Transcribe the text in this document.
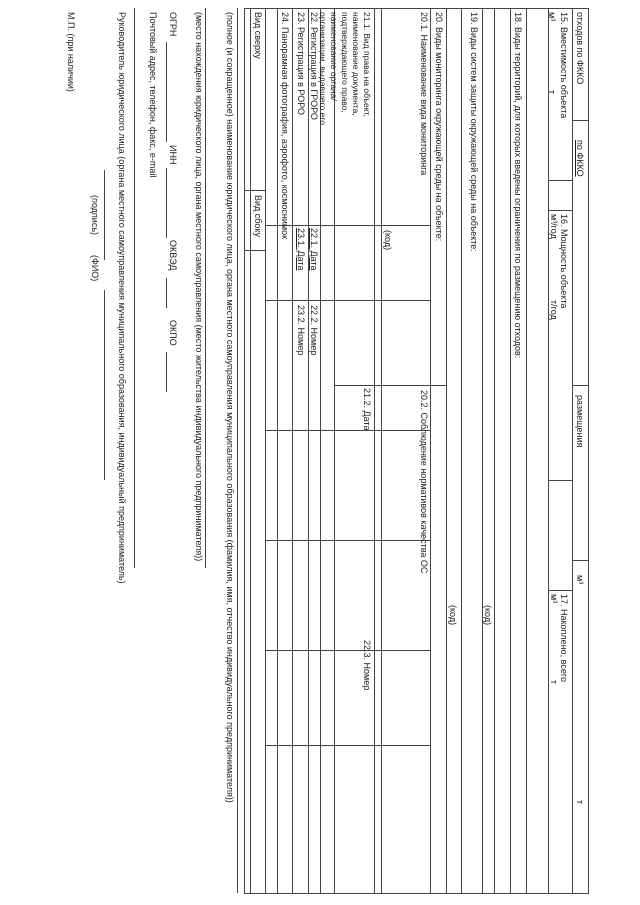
отходов по ФККО
по ФККО
размещения
м³
т
15. Вместимость объекта
16. Мощность объекта
17. Накоплено, всего
м³
т
м³/год
т/год
м³
т
18. Виды территорий, для которых введены ограничения по размещению отходов:
(код)
19. Виды систем защиты окружающей среды на объекте:
(код)
20. Виды мониторинга окружающей среды на объекте:
20.1. Наименование вида мониторинга
20.2. Соблюдение нормативов качества ОС
(код)
21.1. Вид права на объект, наименование документа, подтверждающего право, наименование органа/организации, выдавшего его
21.2. Дата
22.3. Номер
22. Регистрация в ГРОРО
22.1. Дата
22.2. Номер
23. Регистрация в РОРО
23.1. Дата
23.2. Номер
24. Панорамная фотография, аэрофото, космоснимок
Вид сверху
Вид сбоку
(полное (и сокращенное) наименование юридического лица, органа местного самоуправления муниципального образования (фамилия, имя, отчество индивидуального предпринимателя))
(место нахождения юридического лица, органа местного самоуправления (место жительства индивидуального предпринимателя))
ОГРН
ИНН
ОКВЭД
ОКПО
Почтовый адрес, телефон, факс, e-mail
Руководитель юридического лица (органа местного самоуправления муниципального образования, индивидуальный предприниматель)
(подпись)
(ФИО)
М.П. (при наличии)
